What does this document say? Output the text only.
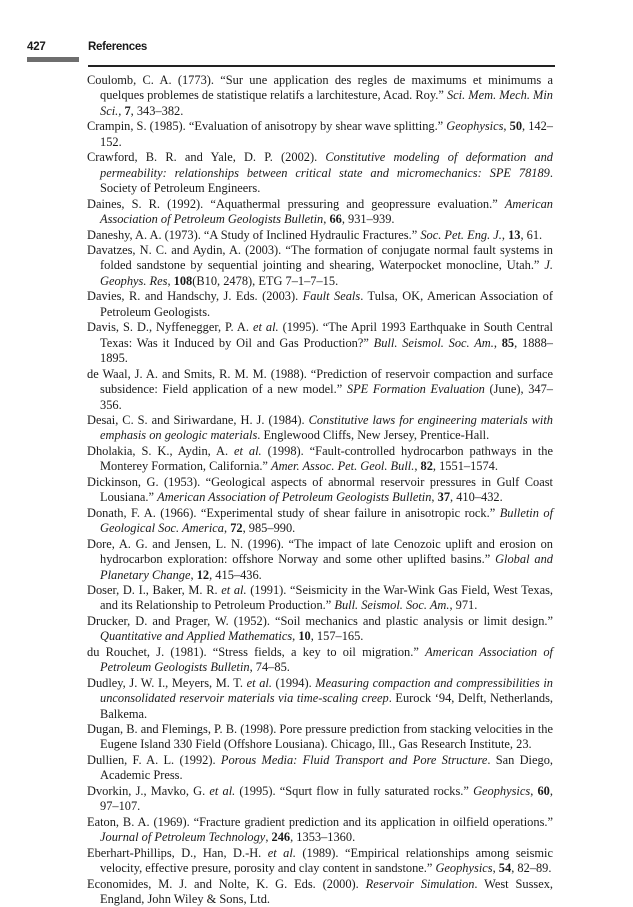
427	References

Coulomb, C. A. (1773). “Sur une application des regles de maximums et minimums a quelques problemes de statistique relatifs a larchitesture, Acad. Roy.” Sci. Mem. Mech. Min Sci., 7, 343–382.

Crampin, S. (1985). “Evaluation of anisotropy by shear wave splitting.” Geophysics, 50, 142–152.

Crawford, B. R. and Yale, D. P. (2002). Constitutive modeling of deformation and permeability: relationships between critical state and micromechanics: SPE 78189. Society of Petroleum Engineers.

Daines, S. R. (1992). “Aquathermal pressuring and geopressure evaluation.” American Association of Petroleum Geologists Bulletin, 66, 931–939.

Daneshy, A. A. (1973). “A Study of Inclined Hydraulic Fractures.” Soc. Pet. Eng. J., 13, 61.

Davatzes, N. C. and Aydin, A. (2003). “The formation of conjugate normal fault systems in folded sandstone by sequential jointing and shearing, Waterpocket monocline, Utah.” J. Geophys. Res, 108(B10, 2478), ETG 7–1–7–15.

Davies, R. and Handschy, J. Eds. (2003). Fault Seals. Tulsa, OK, American Association of Petroleum Geologists.

Davis, S. D., Nyffenegger, P. A. et al. (1995). “The April 1993 Earthquake in South Central Texas: Was it Induced by Oil and Gas Production?” Bull. Seismol. Soc. Am., 85, 1888–1895.

de Waal, J. A. and Smits, R. M. M. (1988). “Prediction of reservoir compaction and surface subsidence: Field application of a new model.” SPE Formation Evaluation (June), 347–356.

Desai, C. S. and Siriwardane, H. J. (1984). Constitutive laws for engineering materials with emphasis on geologic materials. Englewood Cliffs, New Jersey, Prentice-Hall.

Dholakia, S. K., Aydin, A. et al. (1998). “Fault-controlled hydrocarbon pathways in the Monterey Formation, California.” Amer. Assoc. Pet. Geol. Bull., 82, 1551–1574.

Dickinson, G. (1953). “Geological aspects of abnormal reservoir pressures in Gulf Coast Lousiana.” American Association of Petroleum Geologists Bulletin, 37, 410–432.

Donath, F. A. (1966). “Experimental study of shear failure in anisotropic rock.” Bulletin of Geological Soc. America, 72, 985–990.

Dore, A. G. and Jensen, L. N. (1996). “The impact of late Cenozoic uplift and erosion on hydrocarbon exploration: offshore Norway and some other uplifted basins.” Global and Planetary Change, 12, 415–436.

Doser, D. I., Baker, M. R. et al. (1991). “Seismicity in the War-Wink Gas Field, West Texas, and its Relationship to Petroleum Production.” Bull. Seismol. Soc. Am., 971.

Drucker, D. and Prager, W. (1952). “Soil mechanics and plastic analysis or limit design.” Quantitative and Applied Mathematics, 10, 157–165.

du Rouchet, J. (1981). “Stress fields, a key to oil migration.” American Association of Petroleum Geologists Bulletin, 74–85.

Dudley, J. W. I., Meyers, M. T. et al. (1994). Measuring compaction and compressibilities in unconsolidated reservoir materials via time-scaling creep. Eurock ‘94, Delft, Netherlands, Balkema.

Dugan, B. and Flemings, P. B. (1998). Pore pressure prediction from stacking velocities in the Eugene Island 330 Field (Offshore Lousiana). Chicago, Ill., Gas Research Institute, 23.

Dullien, F. A. L. (1992). Porous Media: Fluid Transport and Pore Structure. San Diego, Academic Press.

Dvorkin, J., Mavko, G. et al. (1995). “Squrt flow in fully saturated rocks.” Geophysics, 60, 97–107.

Eaton, B. A. (1969). “Fracture gradient prediction and its application in oilfield operations.” Journal of Petroleum Technology, 246, 1353–1360.

Eberhart-Phillips, D., Han, D.-H. et al. (1989). “Empirical relationships among seismic velocity, effective presure, porosity and clay content in sandstone.” Geophysics, 54, 82–89.

Economides, M. J. and Nolte, K. G. Eds. (2000). Reservoir Simulation. West Sussex, England, John Wiley & Sons, Ltd.
